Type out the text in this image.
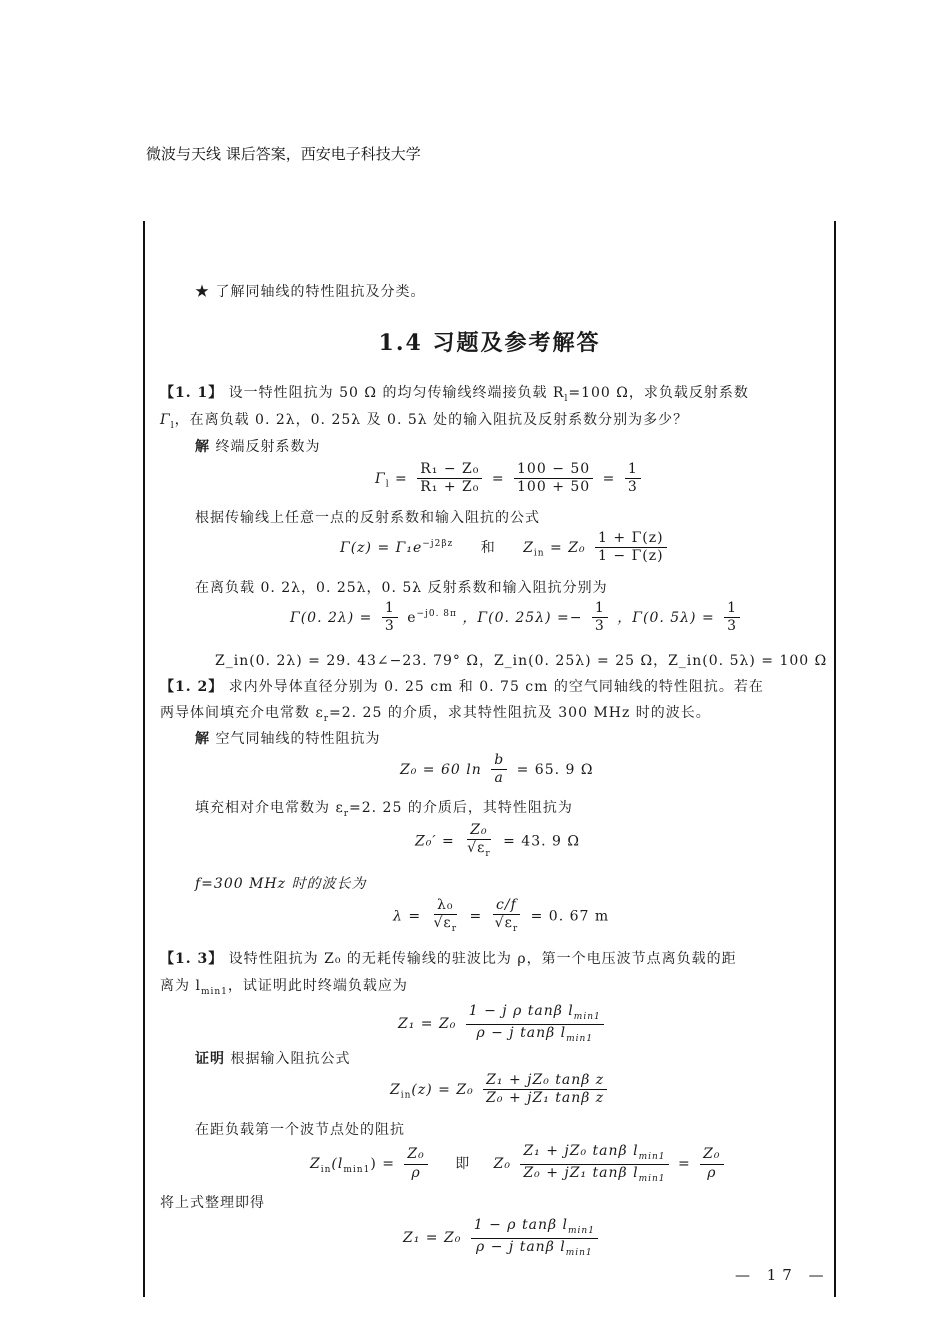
微波与天线 课后答案，西安电子科技大学
★ 了解同轴线的特性阻抗及分类。
1.4 习题及参考解答
【1. 1】 设一特性阻抗为 50 Ω 的均匀传输线终端接负载 $R_l=100$ Ω，求负载反射系数
$\Gamma_l$，在离负载 0. 2λ，0. 25λ 及 0. 5λ 处的输入阻抗及反射系数分别为多少？
解 终端反射系数为
$\Gamma_l = \frac{\text{R₁ − Z₀}}{\text{R₁ + Z₀}} = \frac{100 - 50}{100 + 50} = \frac{1}{3}$
根据传输线上任意一点的反射系数和输入阻抗的公式
$\Gamma(z) = \Gamma_1e^{-j2\beta z}$ 和 $Z_{in} = Z_0 \frac{1 + \Gamma(z)}{1 - \Gamma(z)}$
在离负载 0. 2λ，0. 25λ，0. 5λ 反射系数和输入阻抗分别为
Γ(0. $2\lambda) = \frac{1}{3} e^{-j0. 8\pi}$ ，Γ(0. $25\lambda) =- \frac{1}{3}$ ，Γ(0. $5\lambda) = \frac{1}{3}$
Z_in(0. 2λ) = 29. 43∠−23. 79° Ω，Z_in(0. 25λ) = 25 Ω，Z_in(0. 5λ) = 100 Ω
【1. 2】 求内外导体直径分别为 0. 25 cm 和 0. 75 cm 的空气同轴线的特性阻抗。若在
两导体间填充介电常数 $\varepsilon_r=2$. 25 的介质，求其特性阻抗及 300 MHz 时的波长。
解 空气同轴线的特性阻抗为
Z₀ = 60 $\ln \frac{b}{a} = 65$. 9 Ω
填充相对介电常数为 $\varepsilon_r=2$. 25 的介质后，其特性阻抗为
$Z_0' = \frac{\text{Z₀}}{√\varepsilon_r} = 43$. 9 Ω
f=300 MHz 时的波长为
$\lambda = \frac{\text{λ₀}}{√\varepsilon_r} = \frac{c/f}{√\varepsilon_r} = 0$. 67 m
【1. 3】 设特性阻抗为 Z₀ 的无耗传输线的驻波比为 ρ，第一个电压波节点离负载的距
离为 $l_{min1}$，试证明此时终端负载应为
$Z_1 = Z_0 \frac{1 - j \rho \tan\beta l_{min1}}{\rho - j \tan\beta l_{min1}}$
证明 根据输入阻抗公式
$Z_{in}(z) = Z_0 \frac{\text{Z₁ + jZ₀ tanβ z}}{\text{Z₀ + jZ₁ tanβ z}}$
在距负载第一个波节点处的阻抗
$Z_{in}(l_{min1}) = \frac{\text{Z₀}}{\rho}$ 即 $Z_0 \frac{Z_1 + jZ_0 \tan\beta l_{min1}}{Z_0 + jZ_1 \tan\beta l_{min1}} = \frac{\text{Z₀}}{\rho}$
将上式整理即得
$Z_1 = Z_0 \frac{1 - \rho \tan\beta l_{min1}}{\rho - j \tan\beta l_{min1}}$
— 17 —
